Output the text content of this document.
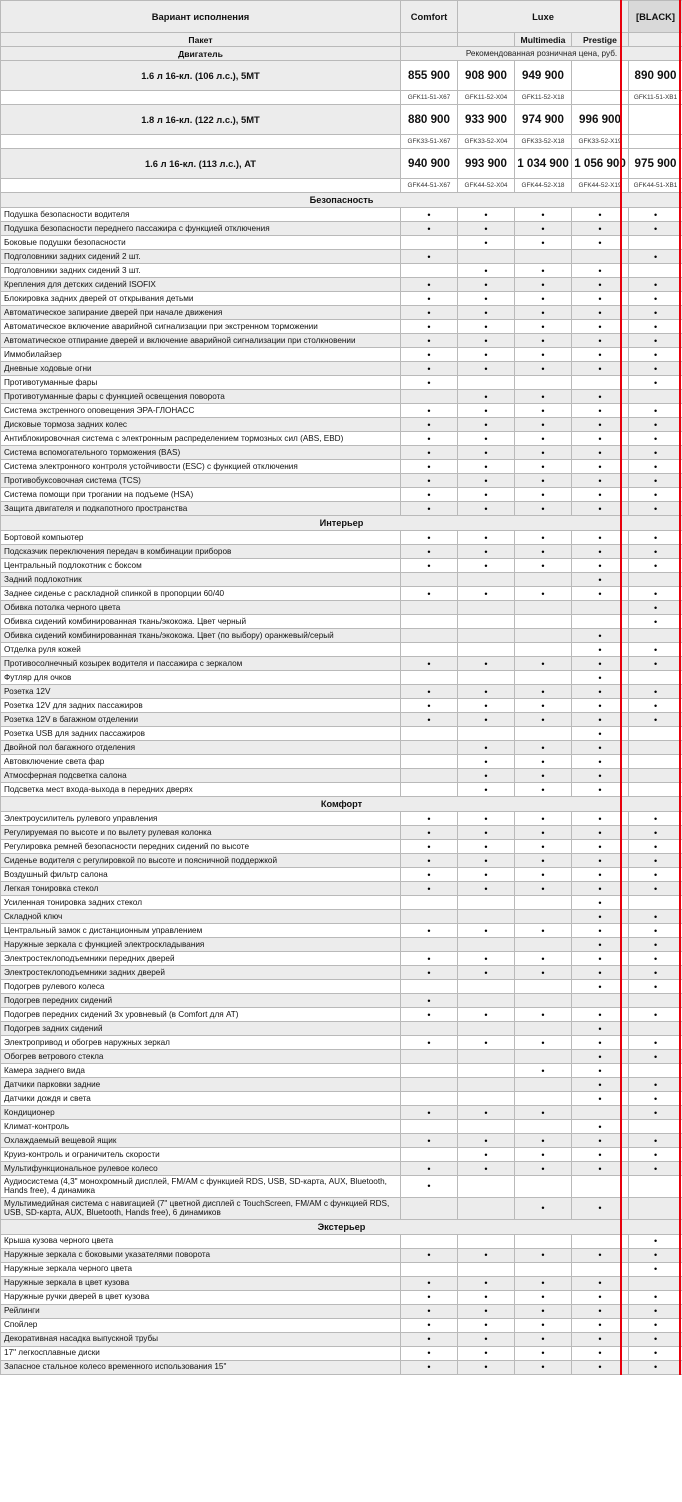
Вариант исполнения	Comfort	Luxe			[BLACK]
Пакет			Multimedia	Prestige	
Двигатель	Рекомендованная розничная цена, руб.				
1.6 л 16-кл. (106 л.с.), 5MT	855 900	908 900	949 900		890 900
	GFK11-51-X67	GFK11-52-X04	GFK11-52-X18		GFK11-51-XB1
1.8 л 16-кл. (122 л.с.), 5MT	880 900	933 900	974 900	996 900	
	GFK33-51-X67	GFK33-52-X04	GFK33-52-X18	GFK33-52-X19	
1.6 л 16-кл. (113 л.с.), AT	940 900	993 900	1 034 900	1 056 900	975 900
	GFK44-51-X67	GFK44-52-X04	GFK44-52-X18	GFK44-52-X19	GFK44-51-XB1
Безопасность					
Подушка безопасности водителя	•	•	•	•	•
Подушка безопасности переднего пассажира с функцией отключения	•	•	•	•	•
Боковые подушки безопасности		•	•	•	
Подголовники задних сидений 2 шт.	•				•
Подголовники задних сидений 3 шт.		•	•	•	
Крепления для детских сидений ISOFIX	•	•	•	•	•
Блокировка задних дверей от открывания детьми	•	•	•	•	•
Автоматическое запирание дверей при начале движения	•	•	•	•	•
Автоматическое включение аварийной сигнализации при экстренном торможении	•	•	•	•	•
Автоматическое отпирание дверей и включение аварийной сигнализации при столкновении	•	•	•	•	•
Иммобилайзер	•	•	•	•	•
Дневные ходовые огни	•	•	•	•	•
Противотуманные фары	•				•
Противотуманные фары с функцией освещения поворота		•	•	•	
Система экстренного оповещения ЭРА-ГЛОНАСС	•	•	•	•	•
Дисковые тормоза задних колес	•	•	•	•	•
Антиблокировочная система с электронным распределением тормозных сил (ABS, EBD)	•	•	•	•	•
Система вспомогательного торможения (BAS)	•	•	•	•	•
Система электронного контроля устойчивости (ESC) с функцией отключения	•	•	•	•	•
Противобуксовочная система (TCS)	•	•	•	•	•
Система помощи при трогании на подъеме (HSA)	•	•	•	•	•
Защита двигателя и подкапотного пространства	•	•	•	•	•
Интерьер					
Бортовой компьютер	•	•	•	•	•
Подсказчик переключения передач в комбинации приборов	•	•	•	•	•
Центральный подлокотник с боксом	•	•	•	•	•
Задний подлокотник				•	
Заднее сиденье с раскладной спинкой в пропорции 60/40	•	•	•	•	•
Обивка потолка черного цвета					•
Обивка сидений комбинированная ткань/экокожа. Цвет черный					•
Обивка сидений комбинированная ткань/экокожа. Цвет (по выбору) оранжевый/серый				•	
Отделка руля кожей				•	•
Противосолнечный козырек водителя и пассажира с зеркалом	•	•	•	•	•
Футляр для очков				•	
Розетка 12V	•	•	•	•	•
Розетка 12V для задних пассажиров	•	•	•	•	•
Розетка 12V в багажном отделении	•	•	•	•	•
Розетка USB для задних пассажиров				•	
Двойной пол багажного отделения		•	•	•	
Автовключение света фар		•	•	•	
Атмосферная подсветка салона		•	•	•	
Подсветка мест входа-выхода в передних дверях		•	•	•	
Комфорт					
Электроусилитель рулевого управления	•	•	•	•	•
Регулируемая по высоте и по вылету рулевая колонка	•	•	•	•	•
Регулировка ремней безопасности передних сидений по высоте	•	•	•	•	•
Сиденье водителя с регулировкой по высоте и поясничной поддержкой	•	•	•	•	•
Воздушный фильтр салона	•	•	•	•	•
Легкая тонировка стекол	•	•	•	•	•
Усиленная тонировка задних стекол				•	
Складной ключ				•	•
Центральный замок с дистанционным управлением	•	•	•	•	•
Наружные зеркала с функцией электроскладывания				•	•
Электростеклоподъемники передних дверей	•	•	•	•	•
Электростеклоподъемники задних дверей	•	•	•	•	•
Подогрев рулевого колеса				•	•
Подогрев передних сидений	•				
Подогрев передних сидений 3х уровневый (в Comfort для AT)	•	•	•	•	•
Подогрев задних сидений				•	
Электропривод и обогрев наружных зеркал	•	•	•	•	•
Обогрев ветрового стекла				•	•
Камера заднего вида			•	•	
Датчики парковки задние				•	•
Датчики дождя и света				•	•
Кондиционер	•	•	•		•
Климат-контроль				•	
Охлаждаемый вещевой ящик	•	•	•	•	•
Круиз-контроль и ограничитель скорости		•	•	•	•
Мультифункциональное рулевое колесо	•	•	•	•	•
Аудиосистема (4,3" монохромный дисплей, FM/AM с функцией RDS, USB, SD-карта, AUX, Bluetooth, Hands free), 4 динамика	•				
Мультимедийная система с навигацией (7" цветной дисплей с TouchScreen, FM/AM с функцией RDS, USB, SD-карта, AUX, Bluetooth, Hands free), 6 динамиков			•	•	
Экстерьер					
Крыша кузова черного цвета					•
Наружные зеркала с боковыми указателями поворота	•	•	•	•	•
Наружные зеркала черного цвета					•
Наружные зеркала в цвет кузова	•	•	•	•	
Наружные ручки дверей в цвет кузова	•	•	•	•	•
Рейлинги	•	•	•	•	•
Спойлер	•	•	•	•	•
Декоративная насадка выпускной трубы	•	•	•	•	•
17" легкосплавные диски	•	•	•	•	•
Запасное стальное колесо временного использования 15"	•	•	•	•	•
